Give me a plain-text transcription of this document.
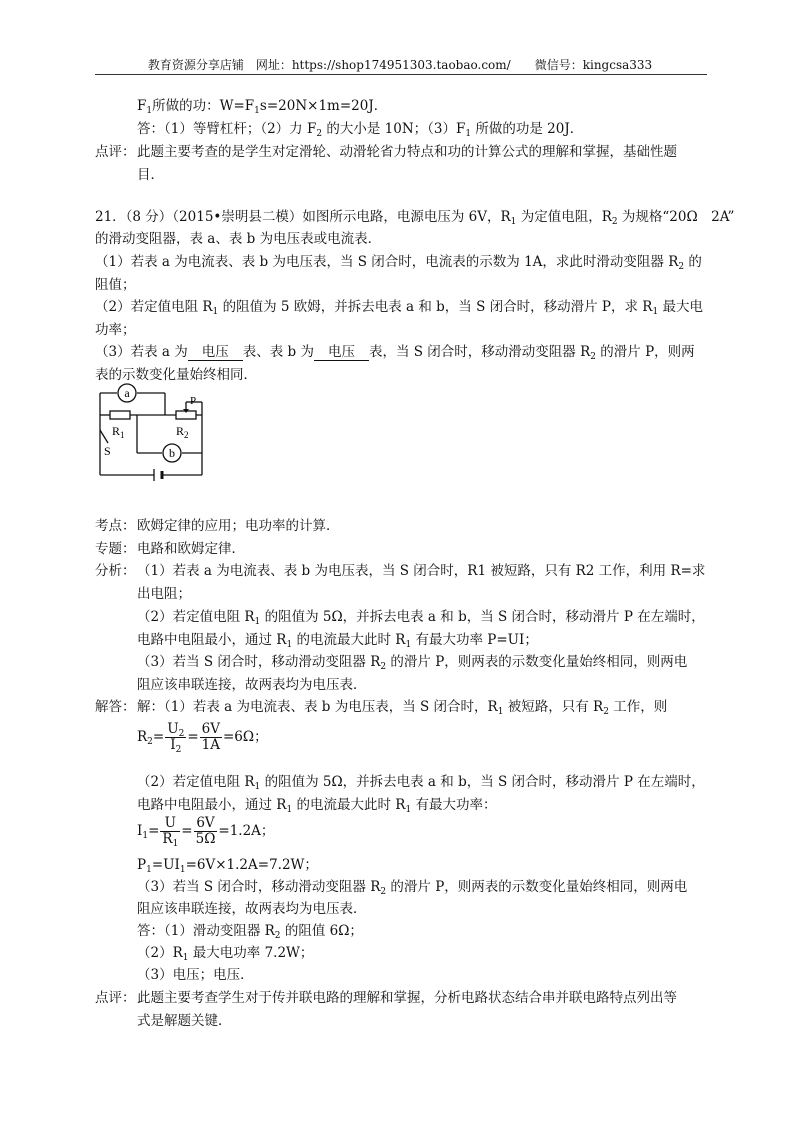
教育资源分享店铺　网址：https://shop174951303.taobao.com/　　微信号：kingcsa333
$F_1$所做的功：$W=F_1s=20N\times 1m=20J$．
答：（1）等臂杠杆；（2）力 $F_2$ 的大小是 10N；$(3)F_1$ 所做的功是 20J．
点评： 此题主要考查的是学生对定滑轮、动滑轮省力特点和功的计算公式的理解和掌握，基础性题
目．
21．（8 分）（2015•崇明县二模）如图所示电路，电源电压为 6V，$R_1$ 为定值电阻，$R_2$ 为规格“20Ω　2A”
的滑动变阻器，表 a、表 b 为电压表或电流表．
（1）若表 a 为电流表、表 b 为电压表，当 S 闭合时，电流表的示数为 1A，求此时滑动变阻器 $R_2$ 的
阻值；
（2）若定值电阻 $R_1$ 的阻值为 5 欧姆，并拆去电表 a 和 b，当 S 闭合时，移动滑片 P，求 $R_1$ 最大电
功率；
（3）若表 a 为 电压 表、表 b 为 电压 表，当 S 闭合时，移动滑动变阻器 $R_2$ 的滑片 P，则两
表的示数变化量始终相同．
a
$R_1$
P
$R_2$
S	b
考点： 欧姆定律的应用；电功率的计算．
专题： 电路和欧姆定律．
分析： （1）若表 a 为电流表、表 b 为电压表，当 S 闭合时，R1 被短路，只有 R2 工作，利用 R=求
出电阻；
（2）若定值电阻 $R_1$ 的阻值为 5Ω，并拆去电表 a 和 b，当 S 闭合时，移动滑片 P 在左端时，
电路中电阻最小，通过 $R_1$ 的电流最大此时 $R_1$ 有最大功率 P=UI；
（3）若当 S 闭合时，移动滑动变阻器 $R_2$ 的滑片 P，则两表的示数变化量始终相同，则两电
阻应该串联连接，故两表均为电压表．
解答： 解：（1）若表 a 为电流表、表 b 为电压表，当 S 闭合时，$R_1$ 被短路，只有 $R_2$ 工作，则
$R_2= \frac{U_2}{I_2} = \frac{6V}{1A} =6\Omega$；
（2）若定值电阻 $R_1$ 的阻值为 5Ω，并拆去电表 a 和 b，当 S 闭合时，移动滑片 P 在左端时，
电路中电阻最小，通过 $R_1$ 的电流最大此时 $R_1$ 有最大功率：
$I_1= \frac{U}{R_1} = \frac{6V}{5\Omega} =1.2A$；
$P_1=UI_1=6V\times 1.2A=7.2W$；
（3）若当 S 闭合时，移动滑动变阻器 $R_2$ 的滑片 P，则两表的示数变化量始终相同，则两电
阻应该串联连接，故两表均为电压表．
答：（1）滑动变阻器 $R_2$ 的阻值 6Ω；
$(2)R_1$ 最大电功率 7.2W；
（3）电压；电压．
点评： 此题主要考查学生对于传并联电路的理解和掌握，分析电路状态结合串并联电路特点列出等
式是解题关键．
